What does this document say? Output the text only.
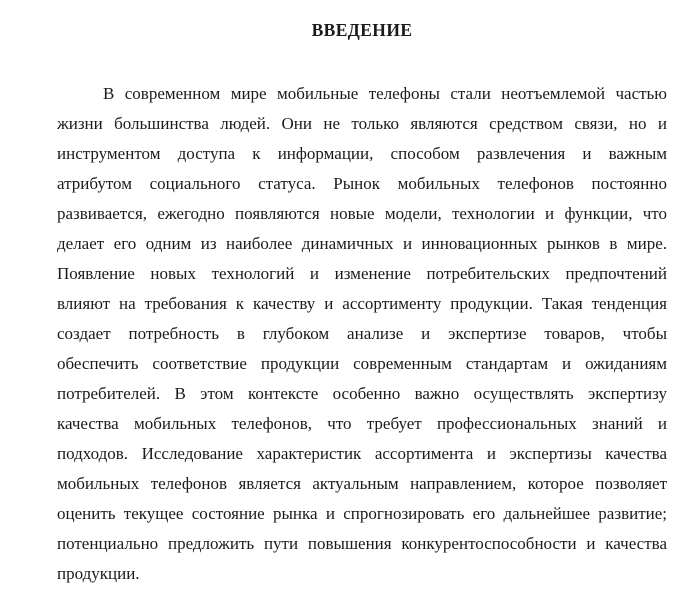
ВВЕДЕНИЕ
В современном мире мобильные телефоны стали неотъемлемой частью
жизни большинства людей. Они не только являются средством связи, но и
инструментом доступа к информации, способом развлечения и важным
атрибутом социального статуса. Рынок мобильных телефонов постоянно
развивается, ежегодно появляются новые модели, технологии и функции, что
делает его одним из наиболее динамичных и инновационных рынков в мире.
Появление новых технологий и изменение потребительских предпочтений
влияют на требования к качеству и ассортименту продукции. Такая тенденция
создает потребность в глубоком анализе и экспертизе товаров, чтобы
обеспечить соответствие продукции современным стандартам и ожиданиям
потребителей. В этом контексте особенно важно осуществлять экспертизу
качества мобильных телефонов, что требует профессиональных знаний и
подходов. Исследование характеристик ассортимента и экспертизы качества
мобильных телефонов является актуальным направлением, которое позволяет
оценить текущее состояние рынка и спрогнозировать его дальнейшее развитие;
потенциально предложить пути повышения конкурентоспособности и качества
продукции.
